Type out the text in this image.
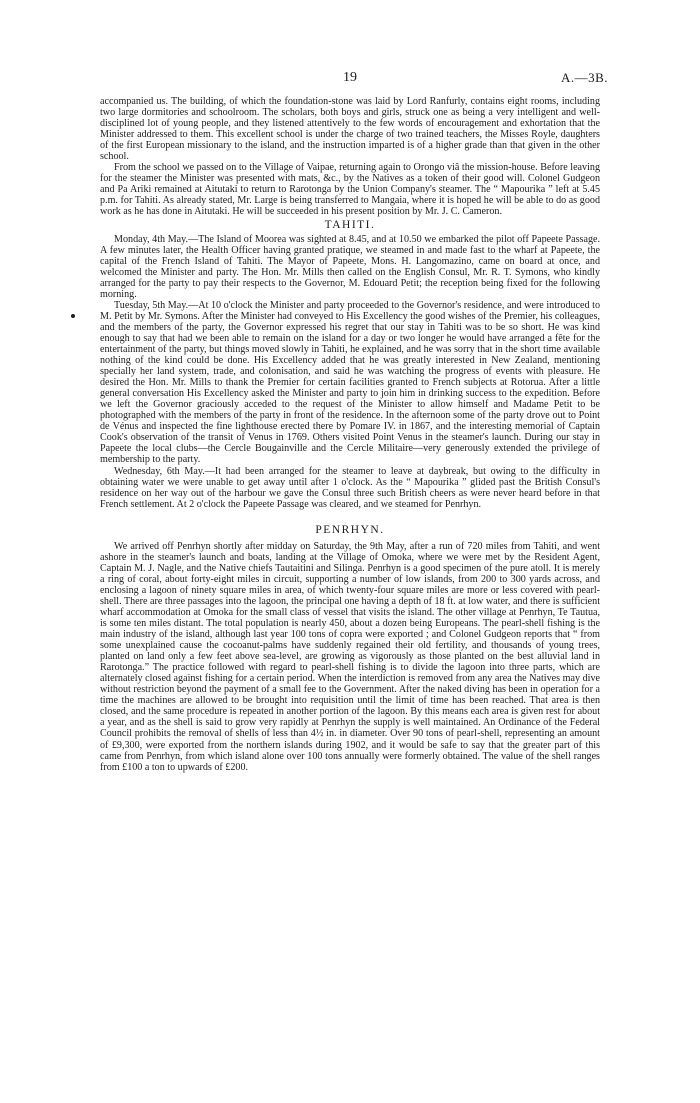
19	A.—3B.

accompanied us. The building, of which the foundation-stone was laid by Lord Ranfurly, contains eight rooms, including two large dormitories and schoolroom. The scholars, both boys and girls, struck one as being a very intelligent and well-disciplined lot of young people, and they listened attentively to the few words of encouragement and exhortation that the Minister addressed to them. This excellent school is under the charge of two trained teachers, the Misses Royle, daughters of the first European missionary to the island, and the instruction imparted is of a higher grade than that given in the other school.

From the school we passed on to the Village of Vaipae, returning again to Orongo viâ the mission-house. Before leaving for the steamer the Minister was presented with mats, &c., by the Natives as a token of their good will. Colonel Gudgeon and Pa Ariki remained at Aitutaki to return to Rarotonga by the Union Company's steamer. The “ Mapourika ” left at 5.45 p.m. for Tahiti. As already stated, Mr. Large is being transferred to Mangaia, where it is hoped he will be able to do as good work as he has done in Aitutaki. He will be succeeded in his present position by Mr. J. C. Cameron.

TAHITI.

Monday, 4th May.—The Island of Moorea was sighted at 8.45, and at 10.50 we embarked the pilot off Papeete Passage. A few minutes later, the Health Officer having granted pratique, we steamed in and made fast to the wharf at Papeete, the capital of the French Island of Tahiti. The Mayor of Papeete, Mons. H. Langomazino, came on board at once, and welcomed the Minister and party. The Hon. Mr. Mills then called on the English Consul, Mr. R. T. Symons, who kindly arranged for the party to pay their respects to the Governor, M. Edouard Petit; the reception being fixed for the following morning.

Tuesday, 5th May.—At 10 o'clock the Minister and party proceeded to the Governor's residence, and were introduced to M. Petit by Mr. Symons. After the Minister had conveyed to His Excellency the good wishes of the Premier, his colleagues, and the members of the party, the Governor expressed his regret that our stay in Tahiti was to be so short. He was kind enough to say that had we been able to remain on the island for a day or two longer he would have arranged a fête for the entertainment of the party, but things moved slowly in Tahiti, he explained, and he was sorry that in the short time available nothing of the kind could be done. His Excellency added that he was greatly interested in New Zealand, mentioning specially her land system, trade, and colonisation, and said he was watching the progress of events with pleasure. He desired the Hon. Mr. Mills to thank the Premier for certain facilities granted to French subjects at Rotorua. After a little general conversation His Excellency asked the Minister and party to join him in drinking success to the expedition. Before we left the Governor graciously acceded to the request of the Minister to allow himself and Madame Petit to be photographed with the members of the party in front of the residence. In the afternoon some of the party drove out to Point de Vénus and inspected the fine lighthouse erected there by Pomare IV. in 1867, and the interesting memorial of Captain Cook's observation of the transit of Venus in 1769. Others visited Point Venus in the steamer's launch. During our stay in Papeete the local clubs—the Cercle Bougainville and the Cercle Militaire—very generously extended the privilege of membership to the party.

Wednesday, 6th May.—It had been arranged for the steamer to leave at daybreak, but owing to the difficulty in obtaining water we were unable to get away until after 1 o'clock. As the “ Mapourika ” glided past the British Consul's residence on her way out of the harbour we gave the Consul three such British cheers as were never heard before in that French settlement. At 2 o'clock the Papeete Passage was cleared, and we steamed for Penrhyn.

PENRHYN.

We arrived off Penrhyn shortly after midday on Saturday, the 9th May, after a run of 720 miles from Tahiti, and went ashore in the steamer's launch and boats, landing at the Village of Omoka, where we were met by the Resident Agent, Captain M. J. Nagle, and the Native chiefs Tautaitini and Silinga. Penrhyn is a good specimen of the pure atoll. It is merely a ring of coral, about forty-eight miles in circuit, supporting a number of low islands, from 200 to 300 yards across, and enclosing a lagoon of ninety square miles in area, of which twenty-four square miles are more or less covered with pearl-shell. There are three passages into the lagoon, the principal one having a depth of 18 ft. at low water, and there is sufficient wharf accommodation at Omoka for the small class of vessel that visits the island. The other village at Penrhyn, Te Tautua, is some ten miles distant. The total population is nearly 450, about a dozen being Europeans. The pearl-shell fishing is the main industry of the island, although last year 100 tons of copra were exported ; and Colonel Gudgeon reports that “ from some unexplained cause the cocoanut-palms have suddenly regained their old fertility, and thousands of young trees, planted on land only a few feet above sea-level, are growing as vigorously as those planted on the best alluvial land in Rarotonga.” The practice followed with regard to pearl-shell fishing is to divide the lagoon into three parts, which are alternately closed against fishing for a certain period. When the interdiction is removed from any area the Natives may dive without restriction beyond the payment of a small fee to the Government. After the naked diving has been in operation for a time the machines are allowed to be brought into requisition until the limit of time has been reached. That area is then closed, and the same procedure is repeated in another portion of the lagoon. By this means each area is given rest for about a year, and as the shell is said to grow very rapidly at Penrhyn the supply is well maintained. An Ordinance of the Federal Council prohibits the removal of shells of less than 4½ in. in diameter. Over 90 tons of pearl-shell, representing an amount of £9,300, were exported from the northern islands during 1902, and it would be safe to say that the greater part of this came from Penrhyn, from which island alone over 100 tons annually were formerly obtained. The value of the shell ranges from £100 a ton to upwards of £200.
